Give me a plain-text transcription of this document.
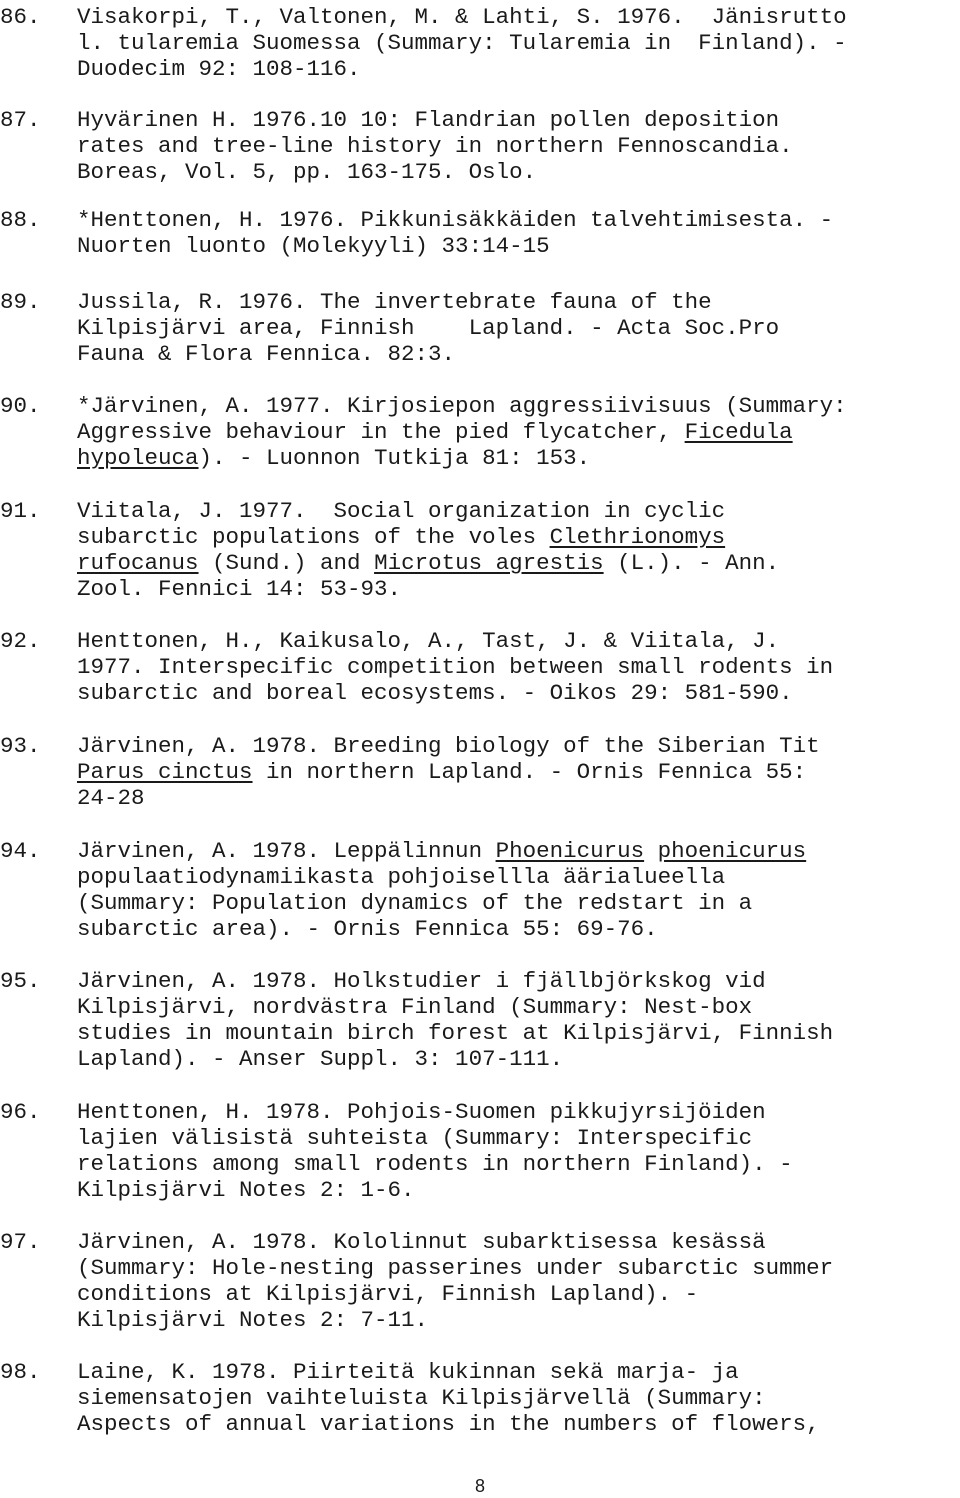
86. Visakorpi, T., Valtonen, M. & Lahti, S. 1976.  Jänisrutto
l. tularemia Suomessa (Summary: Tularemia in  Finland). -
Duodecim 92: 108-116.
87. Hyvärinen H. 1976.10 10: Flandrian pollen deposition
rates and tree-line history in northern Fennoscandia.
Boreas, Vol. 5, pp. 163-175. Oslo.
88. *Henttonen, H. 1976. Pikkunisäkkäiden talvehtimisesta. -
Nuorten luonto (Molekyyli) 33:14-15
89. Jussila, R. 1976. The invertebrate fauna of the
Kilpisjärvi area, Finnish    Lapland. - Acta Soc.Pro
Fauna & Flora Fennica. 82:3.
90. *Järvinen, A. 1977. Kirjosiepon aggressiivisuus (Summary:
Aggressive behaviour in the pied flycatcher, Ficedula
hypoleuca). - Luonnon Tutkija 81: 153.
91. Viitala, J. 1977.  Social organization in cyclic
subarctic populations of the voles Clethrionomys
rufocanus (Sund.) and Microtus agrestis (L.). - Ann.
Zool. Fennici 14: 53-93.
92. Henttonen, H., Kaikusalo, A., Tast, J. & Viitala, J.
1977. Interspecific competition between small rodents in
subarctic and boreal ecosystems. - Oikos 29: 581-590.
93. Järvinen, A. 1978. Breeding biology of the Siberian Tit
Parus cinctus in northern Lapland. - Ornis Fennica 55:
24-28
94. Järvinen, A. 1978. Leppälinnun Phoenicurus phoenicurus
populaatiodynamiikasta pohjoisellla äärialueella
(Summary: Population dynamics of the redstart in a
subarctic area). - Ornis Fennica 55: 69-76.
95. Järvinen, A. 1978. Holkstudier i fjällbjörkskog vid
Kilpisjärvi, nordvästra Finland (Summary: Nest-box
studies in mountain birch forest at Kilpisjärvi, Finnish
Lapland). - Anser Suppl. 3: 107-111.
96. Henttonen, H. 1978. Pohjois-Suomen pikkujyrsijöiden
lajien välisistä suhteista (Summary: Interspecific
relations among small rodents in northern Finland). -
Kilpisjärvi Notes 2: 1-6.
97. Järvinen, A. 1978. Kololinnut subarktisessa kesässä
(Summary: Hole-nesting passerines under subarctic summer
conditions at Kilpisjärvi, Finnish Lapland). -
Kilpisjärvi Notes 2: 7-11.
98. Laine, K. 1978. Piirteitä kukinnan sekä marja- ja
siemensatojen vaihteluista Kilpisjärvellä (Summary:
Aspects of annual variations in the numbers of flowers,
8
